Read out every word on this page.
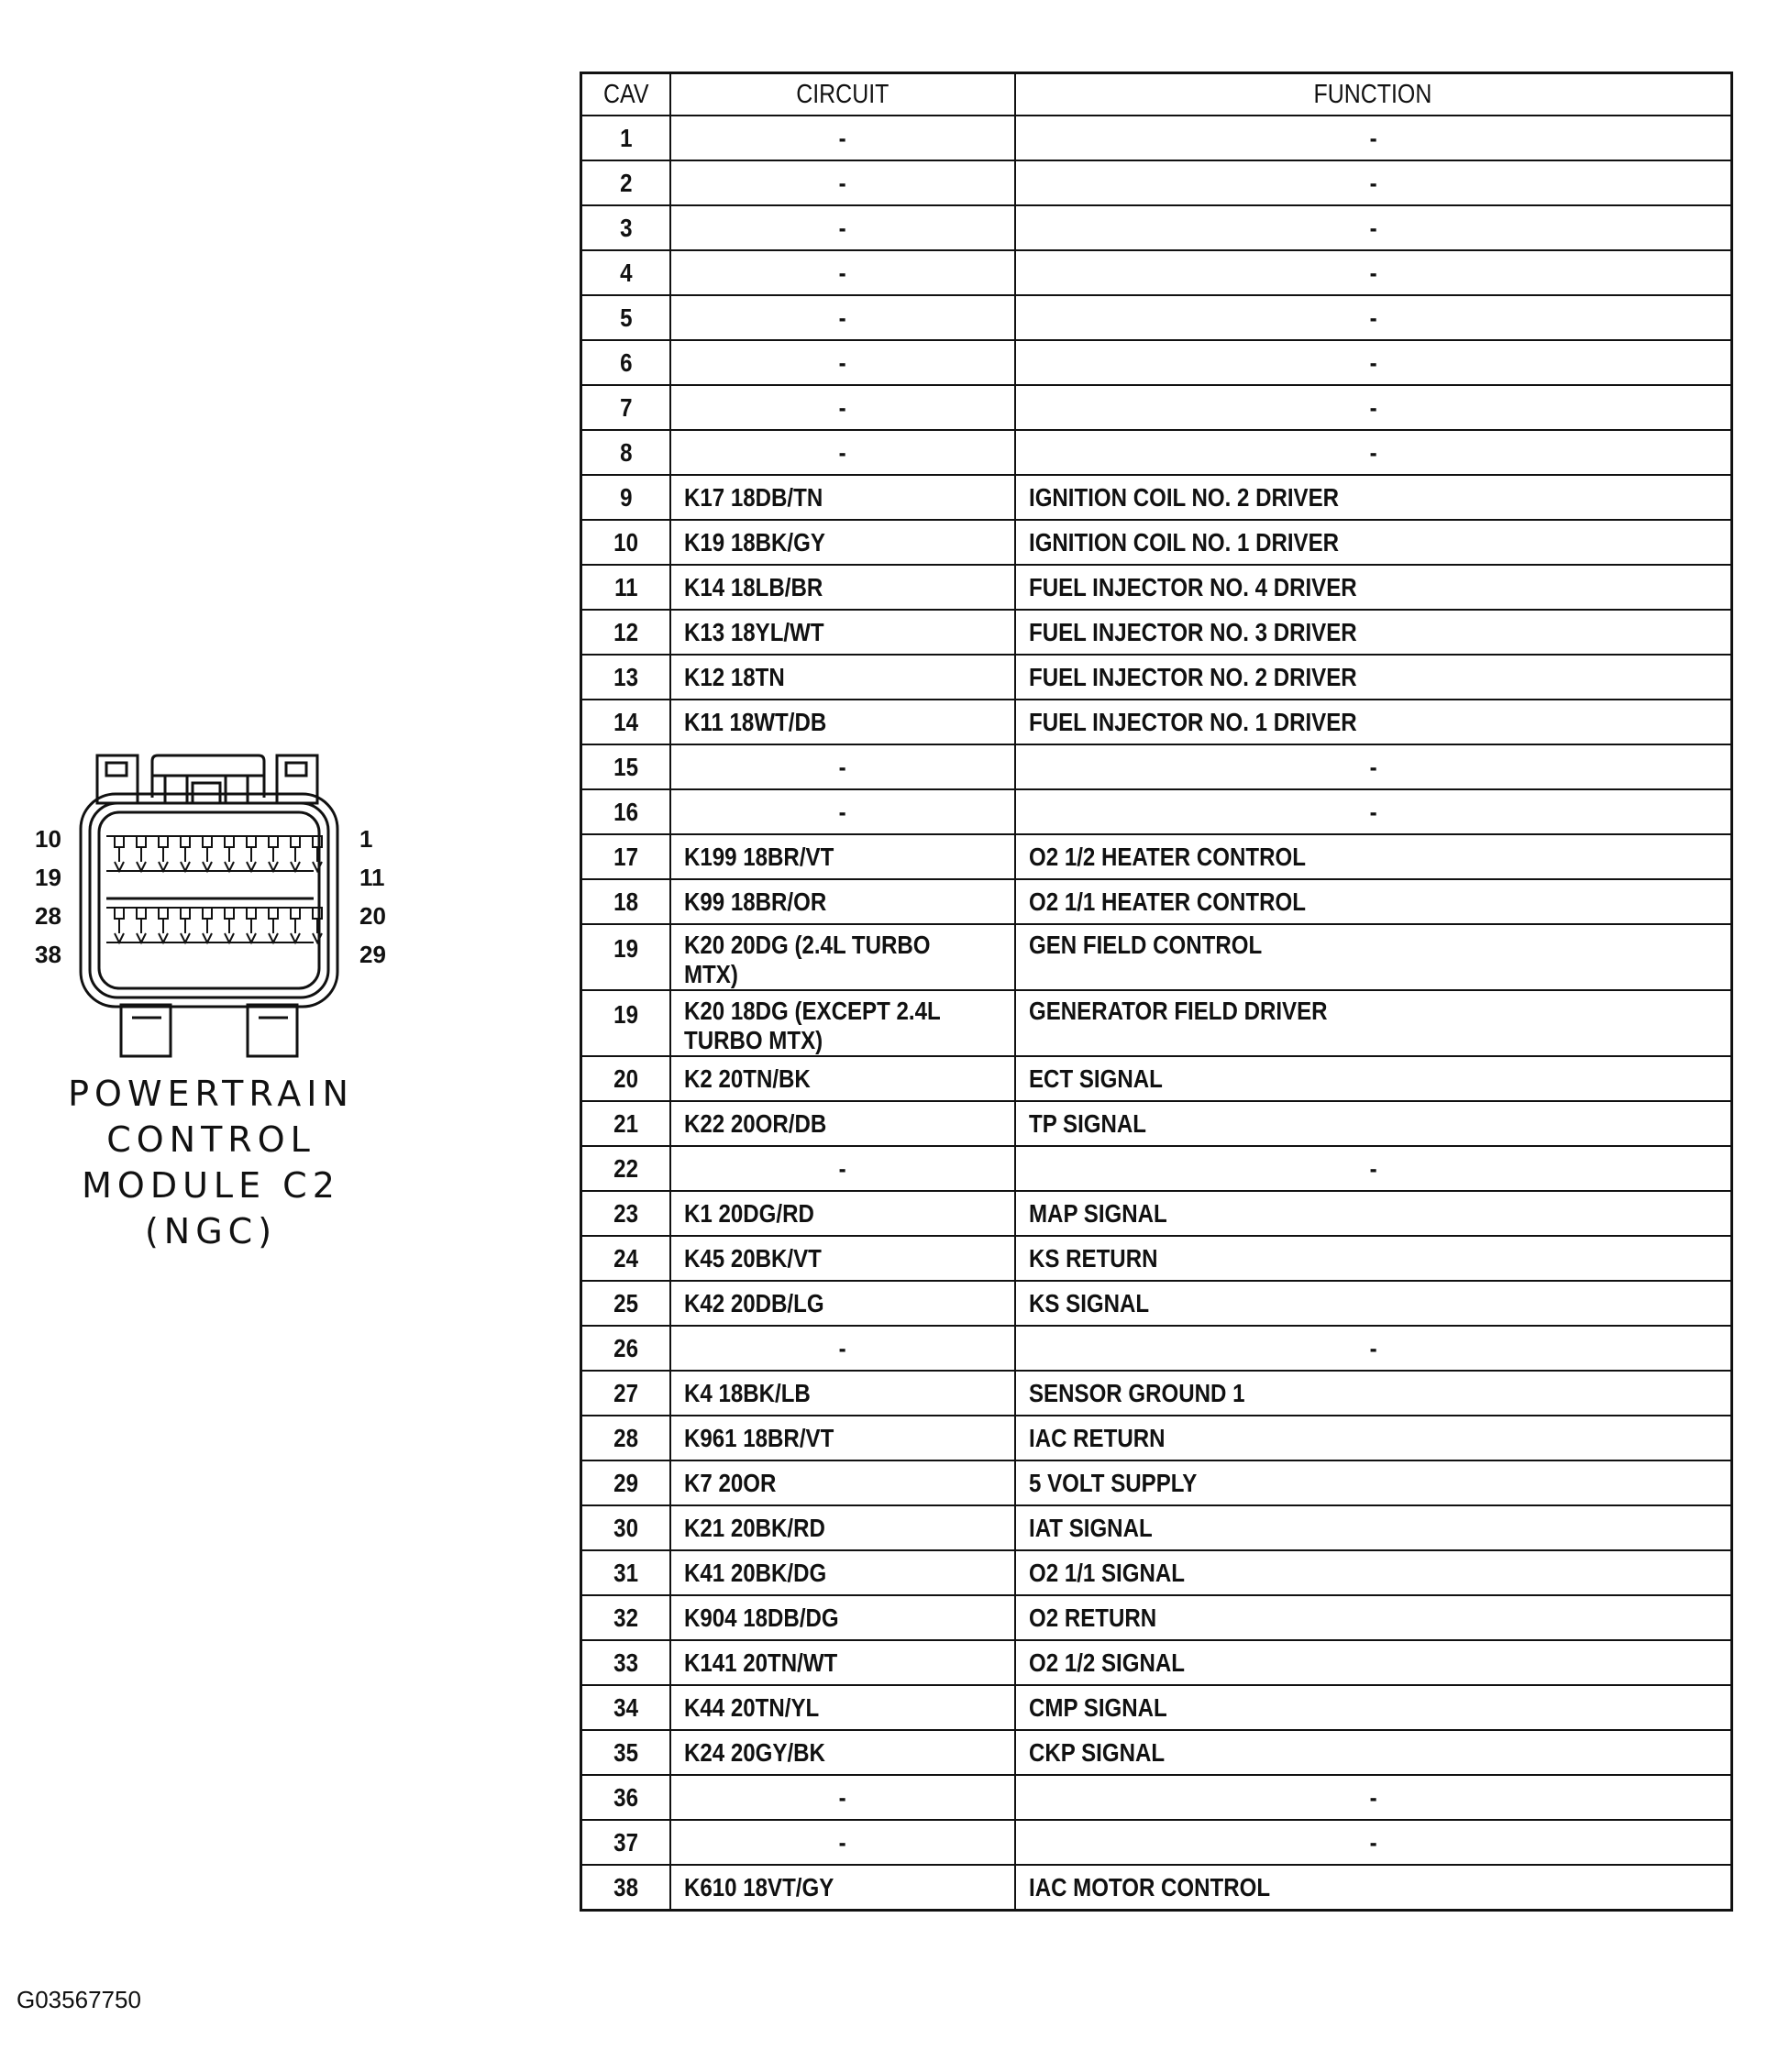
10
19
28
38
1
11
20
29
POWERTRAIN
CONTROL
MODULE C2
(NGC)
CAV	CIRCUIT	FUNCTION
1	-	-
2	-	-
3	-	-
4	-	-
5	-	-
6	-	-
7	-	-
8	-	-
9	K17 18DB/TN	IGNITION COIL NO. 2 DRIVER
10	K19 18BK/GY	IGNITION COIL NO. 1 DRIVER
11	K14 18LB/BR	FUEL INJECTOR NO. 4 DRIVER
12	K13 18YL/WT	FUEL INJECTOR NO. 3 DRIVER
13	K12 18TN	FUEL INJECTOR NO. 2 DRIVER
14	K11 18WT/DB	FUEL INJECTOR NO. 1 DRIVER
15	-	-
16	-	-
17	K199 18BR/VT	O2 1/2 HEATER CONTROL
18	K99 18BR/OR	O2 1/1 HEATER CONTROL
19	K20 20DG (2.4L TURBO MTX)	GEN FIELD CONTROL
19	K20 18DG (EXCEPT 2.4L TURBO MTX)	GENERATOR FIELD DRIVER
20	K2 20TN/BK	ECT SIGNAL
21	K22 20OR/DB	TP SIGNAL
22	-	-
23	K1 20DG/RD	MAP SIGNAL
24	K45 20BK/VT	KS RETURN
25	K42 20DB/LG	KS SIGNAL
26	-	-
27	K4 18BK/LB	SENSOR GROUND 1
28	K961 18BR/VT	IAC RETURN
29	K7 20OR	5 VOLT SUPPLY
30	K21 20BK/RD	IAT SIGNAL
31	K41 20BK/DG	O2 1/1 SIGNAL
32	K904 18DB/DG	O2 RETURN
33	K141 20TN/WT	O2 1/2 SIGNAL
34	K44 20TN/YL	CMP SIGNAL
35	K24 20GY/BK	CKP SIGNAL
36	-	-
37	-	-
38	K610 18VT/GY	IAC MOTOR CONTROL
G03567750
